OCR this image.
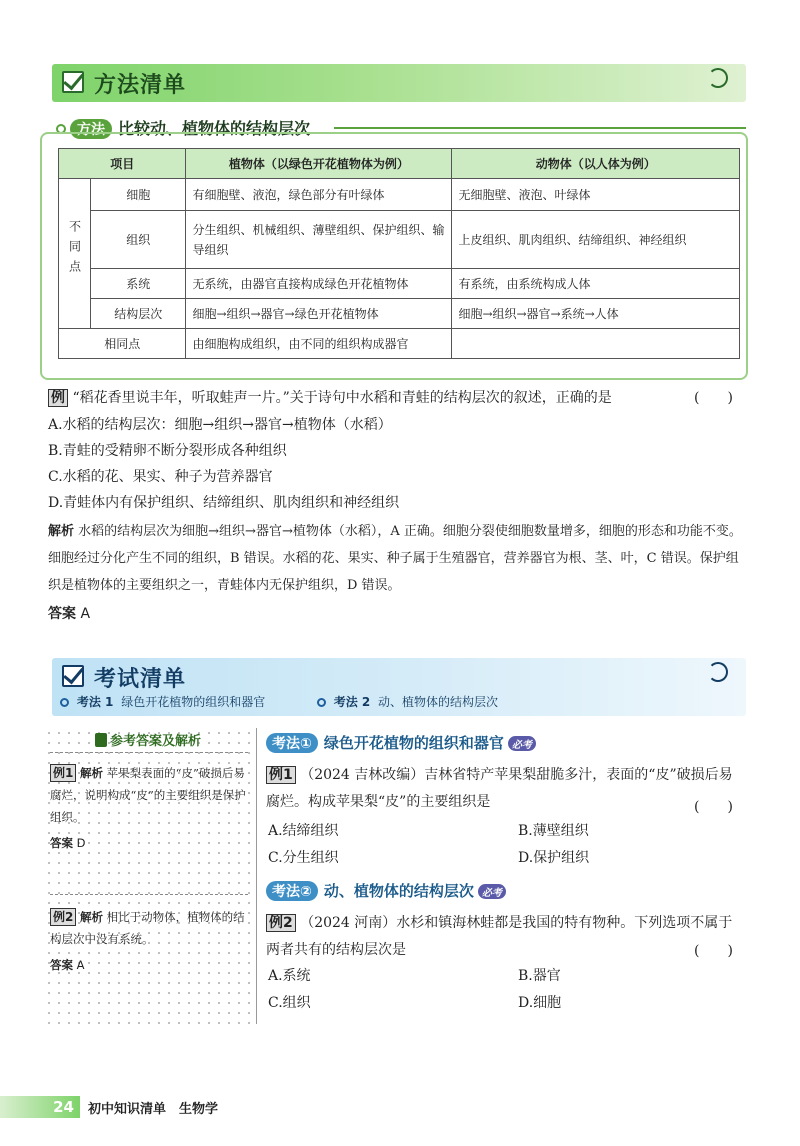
方法清单
方法 比较动、植物体的结构层次
项目		植物体（以绿色开花植物体为例）	动物体（以人体为例）
不同点	细胞	有细胞壁、液泡，绿色部分有叶绿体	无细胞壁、液泡、叶绿体
	组织	分生组织、机械组织、薄壁组织、保护组织、输导组织	上皮组织、肌肉组织、结缔组织、神经组织
	系统	无系统，由器官直接构成绿色开花植物体	有系统，由系统构成人体
	结构层次	细胞→组织→器官→绿色开花植物体	细胞→组织→器官→系统→人体
相同点		由细胞构成组织，由不同的组织构成器官	
例 “稻花香里说丰年，听取蛙声一片。”关于诗句中水稻和青蛙的结构层次的叙述，正确的是	(　　)
A.水稻的结构层次：细胞→组织→器官→植物体（水稻）
B.青蛙的受精卵不断分裂形成各种组织
C.水稻的花、果实、种子为营养器官
D.青蛙体内有保护组织、结缔组织、肌肉组织和神经组织
解析 水稻的结构层次为细胞→组织→器官→植物体（水稻），A 正确。细胞分裂使细胞数量增多，细胞的形态和功能不变。细胞经过分化产生不同的组织，B 错误。水稻的花、果实、种子属于生殖器官，营养器官为根、茎、叶，C 错误。保护组织是植物体的主要组织之一，青蛙体内无保护组织，D 错误。
答案 A
考试清单
考法 1 绿色开花植物的组织和器官	考法 2 动、植物体的结构层次
参考答案及解析
例1 解析 苹果梨表面的“皮”破损后易腐烂，说明构成“皮”的主要组织是保护组织。
答案 D
例2 解析 相比于动物体，植物体的结构层次中没有系统。
答案 A
考法① 绿色开花植物的组织和器官 必考
例1 （2024 吉林改编）吉林省特产苹果梨甜脆多汁，表面的“皮”破损后易腐烂。构成苹果梨“皮”的主要组织是	(　　)
A.结缔组织	B.薄壁组织
C.分生组织	D.保护组织
考法② 动、植物体的结构层次 必考
例2 （2024 河南）水杉和镇海林蛙都是我国的特有物种。下列选项不属于两者共有的结构层次是	(　　)
A.系统	B.器官
C.组织	D.细胞
24	初中知识清单　生物学
